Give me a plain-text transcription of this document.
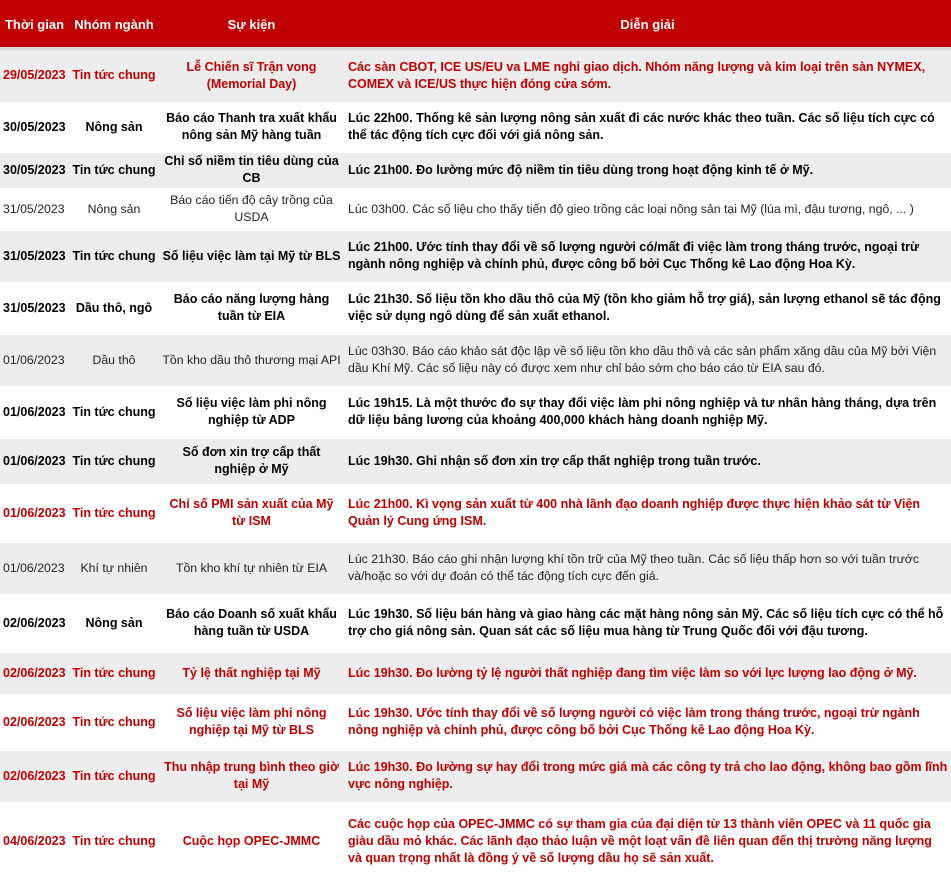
Thời gian	Nhóm ngành	Sự kiện	Diễn giải
29/05/2023	Tin tức chung	Lễ Chiến sĩ Trận vong (Memorial Day)	Các sàn CBOT, ICE US/EU va LME nghỉ giao dịch. Nhóm năng lượng và kim loại trên sàn NYMEX, COMEX và ICE/US thực hiện đóng cửa sớm.
30/05/2023	Nông sản	Báo cáo Thanh tra xuất khẩu nông sản Mỹ hàng tuần	Lúc 22h00. Thống kê sản lượng nông sản xuất đi các nước khác theo tuần. Các số liệu tích cực có thể tác động tích cực đối với giá nông sản.
30/05/2023	Tin tức chung	Chỉ số niềm tin tiêu dùng của CB	Lúc 21h00. Đo lường mức độ niềm tin tiêu dùng trong hoạt động kinh tế ở Mỹ.
31/05/2023	Nông sản	Báo cáo tiến độ cây trồng của USDA	Lúc 03h00. Các số liệu cho thấy tiến độ gieo trồng các loại nông sản tại Mỹ (lúa mì, đậu tương, ngô, ... )
31/05/2023	Tin tức chung	Số liệu việc làm tại Mỹ từ BLS	Lúc 21h00. Ước tính thay đổi về số lượng người có/mất đi việc làm trong tháng trước, ngoại trừ ngành nông nghiệp và chính phủ, được công bố bởi Cục Thống kê Lao động Hoa Kỳ.
31/05/2023	Dầu thô, ngô	Báo cáo năng lượng hàng tuần từ EIA	Lúc 21h30. Số liệu tồn kho dầu thô của Mỹ (tồn kho giảm hỗ trợ giá), sản lượng ethanol sẽ tác động việc sử dụng ngô dùng để sản xuất ethanol.
01/06/2023	Dầu thô	Tồn kho dầu thô thương mại API	Lúc 03h30. Báo cáo khảo sát độc lập về số liệu tồn kho dầu thô và các sản phẩm xăng dầu của Mỹ bởi Viện dầu Khí Mỹ. Các số liệu này có được xem như chỉ báo sớm cho báo cáo từ EIA sau đó.
01/06/2023	Tin tức chung	Số liệu việc làm phi nông nghiệp từ ADP	Lúc 19h15. Là một thước đo sự thay đổi việc làm phi nông nghiệp và tư nhân hàng tháng, dựa trên dữ liệu bảng lương của khoảng 400,000 khách hàng doanh nghiệp Mỹ.
01/06/2023	Tin tức chung	Số đơn xin trợ cấp thất nghiệp ở Mỹ	Lúc 19h30. Ghi nhận số đơn xin trợ cấp thất nghiệp trong tuần trước.
01/06/2023	Tin tức chung	Chỉ số PMI sản xuất của Mỹ từ ISM	Lúc 21h00. Kì vọng sản xuất từ 400 nhà lãnh đạo doanh nghiệp được thực hiện khảo sát từ Viện Quản lý Cung ứng ISM.
01/06/2023	Khí tự nhiên	Tồn kho khí tự nhiên từ EIA	Lúc 21h30. Báo cáo ghi nhận lượng khí tồn trữ của Mỹ theo tuần. Các số liệu thấp hơn so với tuần trước và/hoặc so với dự đoán có thể tác động tích cực đến giá.
02/06/2023	Nông sản	Báo cáo Doanh số xuất khẩu hàng tuần từ USDA	Lúc 19h30. Số liệu bán hàng và giao hàng các mặt hàng nông sản Mỹ. Các số liệu tích cực có thể hỗ trợ cho giá nông sản. Quan sát các số liệu mua hàng từ Trung Quốc đối với đậu tương.
02/06/2023	Tin tức chung	Tỷ lệ thất nghiệp tại Mỹ	Lúc 19h30. Đo lường tỷ lệ người thất nghiệp đang tìm việc làm so với lực lượng lao động ở Mỹ.
02/06/2023	Tin tức chung	Số liệu việc làm phi nông nghiệp tại Mỹ từ BLS	Lúc 19h30. Ước tính thay đổi về số lượng người có việc làm trong tháng trước, ngoại trừ ngành nông nghiệp và chính phủ, được công bố bởi Cục Thống kê Lao động Hoa Kỳ.
02/06/2023	Tin tức chung	Thu nhập trung bình theo giờ tại Mỹ	Lúc 19h30. Đo lường sự hay đổi trong mức giá mà các công ty trả cho lao động, không bao gồm lĩnh vực nông nghiệp.
04/06/2023	Tin tức chung	Cuộc họp OPEC-JMMC	Các cuộc họp của OPEC-JMMC có sự tham gia của đại diện từ 13 thành viên OPEC và 11 quốc gia giàu dầu mỏ khác. Các lãnh đạo thảo luận về một loạt vấn đề liên quan đến thị trường năng lượng và quan trọng nhất là đồng ý về số lượng dầu họ sẽ sản xuất.
